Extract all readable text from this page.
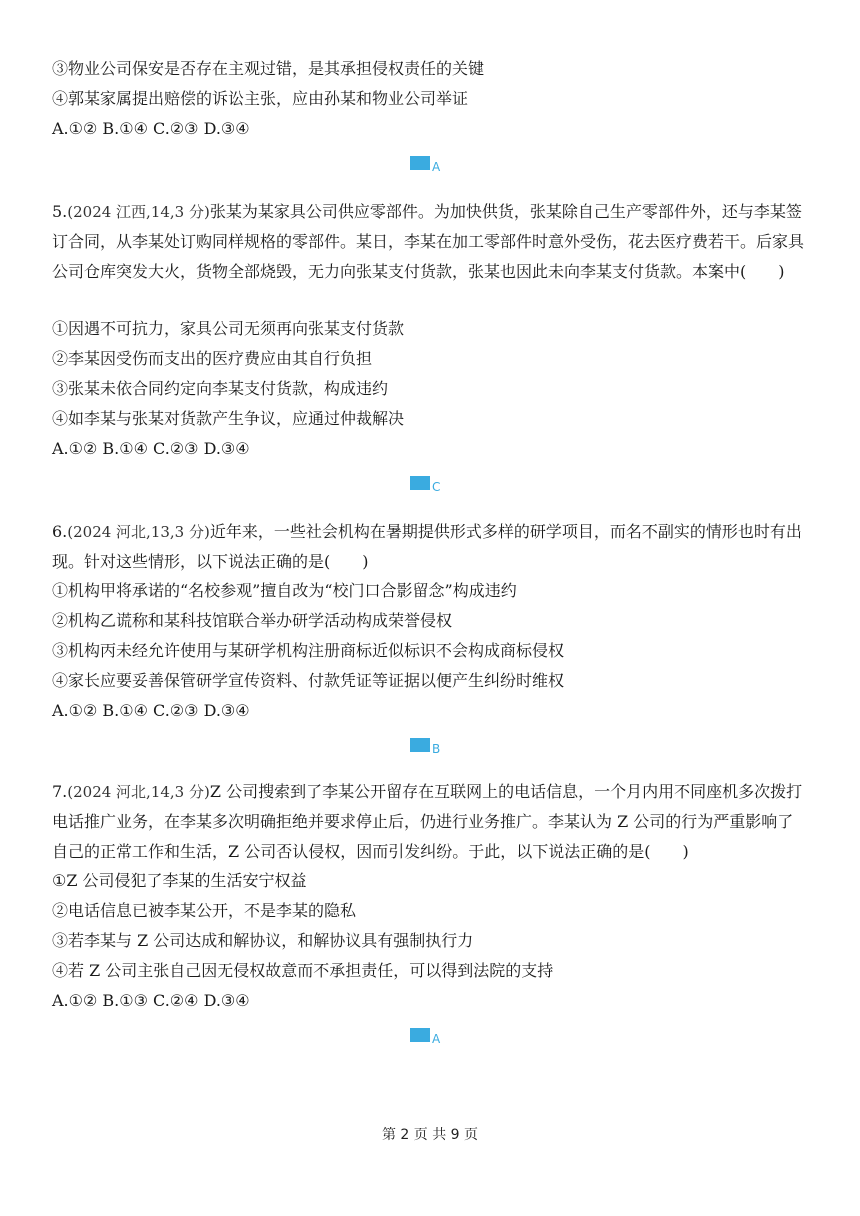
③物业公司保安是否存在主观过错，是其承担侵权责任的关键
④郭某家属提出赔偿的诉讼主张，应由孙某和物业公司举证
A.①② B.①④ C.②③ D.③④
A
5.(2024 江西,14,3 分)张某为某家具公司供应零部件。为加快供货，张某除自己生产零部件外，还与李某签订合同，从李某处订购同样规格的零部件。某日，李某在加工零部件时意外受伤，花去医疗费若干。后家具公司仓库突发大火，货物全部烧毁，无力向张某支付货款，张某也因此未向李某支付货款。本案中(　　)
①因遇不可抗力，家具公司无须再向张某支付货款
②李某因受伤而支出的医疗费应由其自行负担
③张某未依合同约定向李某支付货款，构成违约
④如李某与张某对货款产生争议，应通过仲裁解决
A.①② B.①④ C.②③ D.③④
C
6.(2024 河北,13,3 分)近年来，一些社会机构在暑期提供形式多样的研学项目，而名不副实的情形也时有出现。针对这些情形，以下说法正确的是(　　)
①机构甲将承诺的“名校参观”擅自改为“校门口合影留念”构成违约
②机构乙谎称和某科技馆联合举办研学活动构成荣誉侵权
③机构丙未经允许使用与某研学机构注册商标近似标识不会构成商标侵权
④家长应要妥善保管研学宣传资料、付款凭证等证据以便产生纠纷时维权
A.①② B.①④ C.②③ D.③④
B
7.(2024 河北,14,3 分)Z 公司搜索到了李某公开留存在互联网上的电话信息，一个月内用不同座机多次拨打电话推广业务，在李某多次明确拒绝并要求停止后，仍进行业务推广。李某认为 Z 公司的行为严重影响了自己的正常工作和生活，Z 公司否认侵权，因而引发纠纷。于此，以下说法正确的是(　　)
①Z 公司侵犯了李某的生活安宁权益
②电话信息已被李某公开，不是李某的隐私
③若李某与 Z 公司达成和解协议，和解协议具有强制执行力
④若 Z 公司主张自己因无侵权故意而不承担责任，可以得到法院的支持
A.①② B.①③ C.②④ D.③④
A
第 2 页 共 9 页
